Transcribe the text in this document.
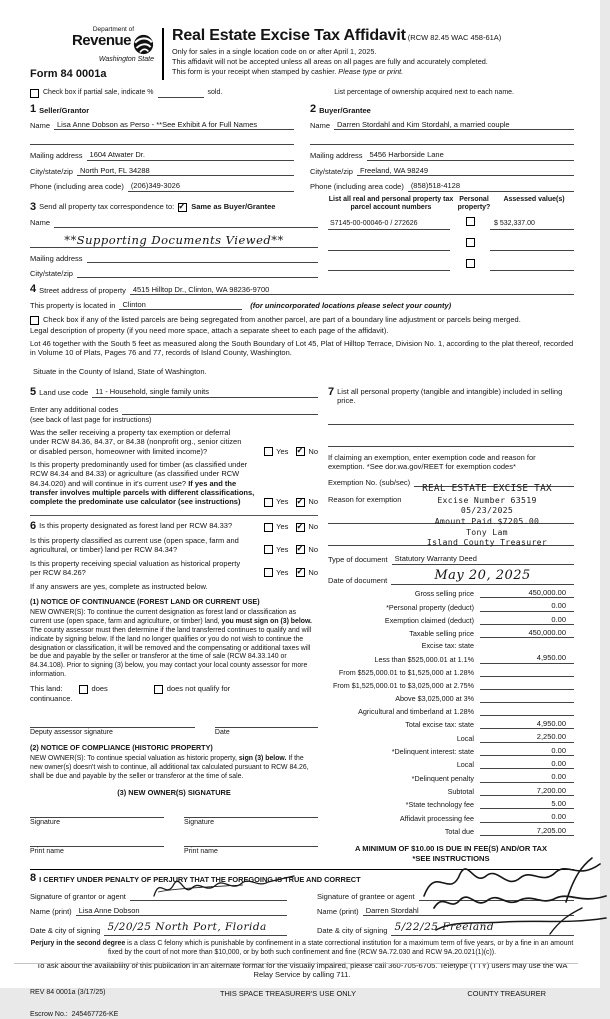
Department of
Revenue
Washington State
Form 84 0001a
Real Estate Excise Tax Affidavit (RCW 82.45 WAC 458-61A)
Only for sales in a single location code on or after April 1, 2025.
This affidavit will not be accepted unless all areas on all pages are fully and accurately completed.
This form is your receipt when stamped by cashier. Please type or print.
Check box if partial sale, indicate %	sold.	List percentage of ownership acquired next to each name.
1 Seller/Grantor
Name Lisa Anne Dobson as Perso - **See Exhibit A for Full Names
Mailing address 1604 Atwater Dr.
City/state/zip North Port, FL 34288
Phone (including area code) (206)349-3026
2 Buyer/Grantee
Name Darren Stordahl and Kim Stordahl, a married couple
Mailing address 5456 Harborside Lane
City/state/zip Freeland, WA 98249
Phone (including area code) (858)518-4128
3 Send all property tax correspondence to: ✓ Same as Buyer/Grantee
Name
**Supporting Documents Viewed**
Mailing address
City/state/zip
List all real and personal property tax parcel account numbers
Personal property?
Assessed value(s)
S7145-00-00046-0 / 272626	$ 532,337.00
4 Street address of property 4515 Hilltop Dr., Clinton, WA 98236-9700
This property is located in Clinton	(for unincorporated locations please select your county)
Check box if any of the listed parcels are being segregated from another parcel, are part of a boundary line adjustment or parcels being merged.
Legal description of property (if you need more space, attach a separate sheet to each page of the affidavit).
Lot 46 together with the South 5 feet as measured along the South Boundary of Lot 45, Plat of Hilltop Terrace, Division No. 1, according to the plat thereof, recorded in Volume 10 of Plats, Pages 76 and 77, records of Island County, Washington.
Situate in the County of Island, State of Washington.
5 Land use code 11 - Household, single family units
Enter any additional codes
(see back of last page for instructions)
Was the seller receiving a property tax exemption or deferral under RCW 84.36, 84.37, or 84.38 (nonprofit org., senior citizen or disabled person, homeowner with limited income)?	Yes ✓	No
Is this property predominantly used for timber (as classified under RCW 84.34 and 84.33) or agriculture (as classified under RCW 84.34.020) and will continue in it's current use? If yes and the transfer involves multiple parcels with different classifications, complete the predominate use calculator (see instructions)	Yes ✓	No
6 Is this property designated as forest land per RCW 84.33?	Yes ✓	No
Is this property classified as current use (open space, farm and agricultural, or timber) land per RCW 84.34?	Yes ✓	No
Is this property receiving special valuation as historical property per RCW 84.26?	Yes ✓	No
If any answers are yes, complete as instructed below.
(1) NOTICE OF CONTINUANCE (FOREST LAND OR CURRENT USE)
NEW OWNER(S): To continue the current designation as forest land or classification as current use (open space, farm and agriculture, or timber) land, you must sign on (3) below. The county assessor must then determine if the land transferred continues to qualify and will indicate by signing below. If the land no longer qualifies or you do not wish to continue the designation or classification, it will be removed and the compensating or additional taxes will be due and payable by the seller or transferor at the time of sale (RCW 84.33.140 or 84.34.108). Prior to signing (3) below, you may contact your local county assessor for more information.
This land:	does	does not qualify for
continuance.
Deputy assessor signature	Date
(2) NOTICE OF COMPLIANCE (HISTORIC PROPERTY)
NEW OWNER(S): To continue special valuation as historic property, sign (3) below. If the new owner(s) doesn't wish to continue, all additional tax calculated pursuant to RCW 84.26, shall be due and payable by the seller or transferor at the time of sale.
(3) NEW OWNER(S) SIGNATURE
Signature	Signature
Print name	Print name
7 List all personal property (tangible and intangible) included in selling price.
If claiming an exemption, enter exemption code and reason for exemption. *See dor.wa.gov/REET for exemption codes*
Exemption No. (sub/sec)
Reason for exemption
REAL ESTATE EXCISE TAX
Excise Number 63519
05/23/2025
Amount Paid $7205.00
Tony Lam
Island County Treasurer
Type of document Statutory Warranty Deed
Date of document	May 20, 2025
Gross selling price	450,000.00
*Personal property (deduct)	0.00
Exemption claimed (deduct)	0.00
Taxable selling price	450,000.00
Excise tax: state
Less than $525,000.01 at 1.1%	4,950.00
From $525,000.01 to $1,525,000 at 1.28%
From $1,525,000.01 to $3,025,000 at 2.75%
Above $3,025,000 at 3%
Agricultural and timberland at 1.28%
Total excise tax: state	4,950.00
Local	2,250.00
*Delinquent interest: state	0.00
Local	0.00
*Delinquent penalty	0.00
Subtotal	7,200.00
*State technology fee	5.00
Affidavit processing fee	0.00
Total due	7,205.00
A MINIMUM OF $10.00 IS DUE IN FEE(S) AND/OR TAX
*SEE INSTRUCTIONS
8 I CERTIFY UNDER PENALTY OF PERJURY THAT THE FOREGOING IS TRUE AND CORRECT
Signature of grantor or agent
Name (print) Lisa Anne Dobson
Date & city of signing 5/20/25 North Port, Florida
Signature of grantee or agent
Name (print) Darren Stordahl
Date & city of signing 5/22/25 Freeland
Perjury in the second degree is a class C felony which is punishable by confinement in a state correctional institution for a maximum term of five years, or by a fine in an amount fixed by the court of not more than $10,000, or by both such confinement and fine (RCW 9A.72.030 and RCW 9A.20.021(1)(c)).
To ask about the availability of this publication in an alternate format for the visually impaired, please call 360-705-6705. Teletype (TTY) users may use the WA Relay Service by calling 711.
REV 84 0001a (3/17/25)	THIS SPACE TREASURER'S USE ONLY	COUNTY TREASURER
Escrow No.: 245467726-KE
